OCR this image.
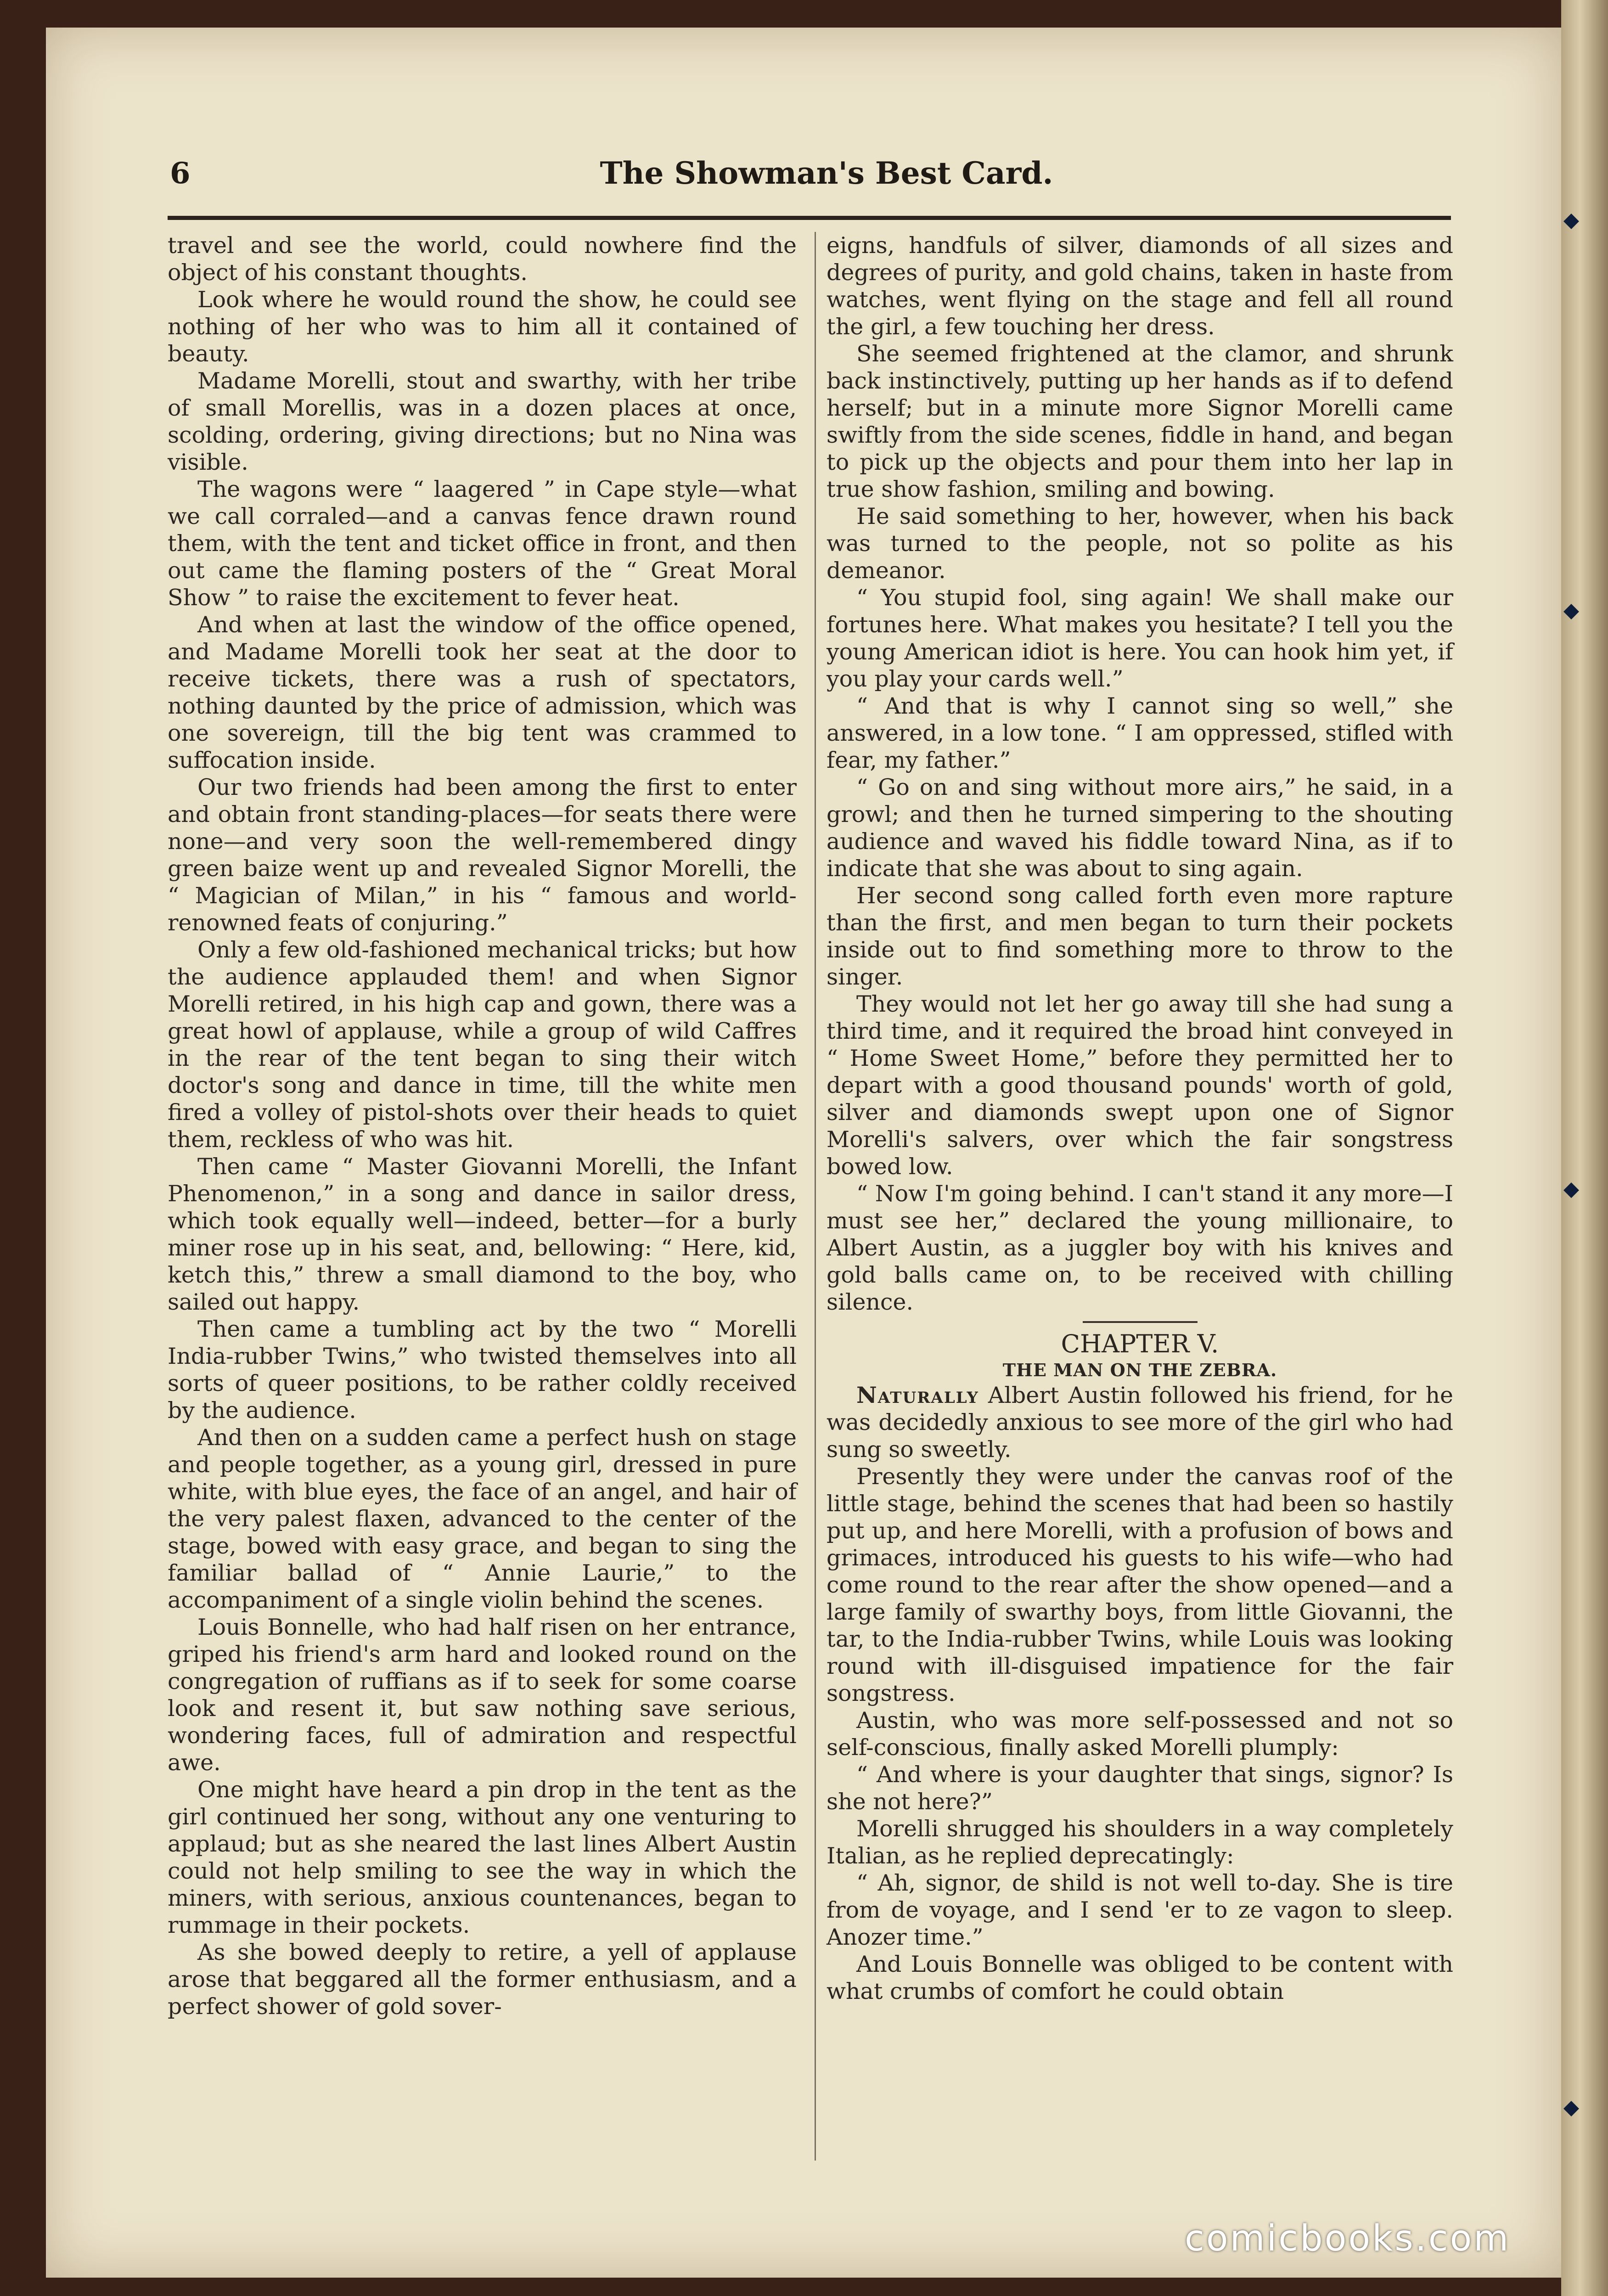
6	The Showman's Best Card.

travel and see the world, could nowhere find the object of his constant thoughts.

Look where he would round the show, he could see nothing of her who was to him all it contained of beauty.

Madame Morelli, stout and swarthy, with her tribe of small Morellis, was in a dozen places at once, scolding, ordering, giving directions; but no Nina was visible.

The wagons were “ laagered ” in Cape style—what we call corraled—and a canvas fence drawn round them, with the tent and ticket office in front, and then out came the flaming posters of the “ Great Moral Show ” to raise the excitement to fever heat.

And when at last the window of the office opened, and Madame Morelli took her seat at the door to receive tickets, there was a rush of spectators, nothing daunted by the price of admission, which was one sovereign, till the big tent was crammed to suffocation inside.

Our two friends had been among the first to enter and obtain front standing-places—for seats there were none—and very soon the well-remembered dingy green baize went up and revealed Signor Morelli, the “ Magician of Milan,” in his “ famous and world-renowned feats of conjuring.”

Only a few old-fashioned mechanical tricks; but how the audience applauded them! and when Signor Morelli retired, in his high cap and gown, there was a great howl of applause, while a group of wild Caffres in the rear of the tent began to sing their witch doctor's song and dance in time, till the white men fired a volley of pistol-shots over their heads to quiet them, reckless of who was hit.

Then came “ Master Giovanni Morelli, the Infant Phenomenon,” in a song and dance in sailor dress, which took equally well—indeed, better—for a burly miner rose up in his seat, and, bellowing: “ Here, kid, ketch this,” threw a small diamond to the boy, who sailed out happy.

Then came a tumbling act by the two “ Morelli India-rubber Twins,” who twisted themselves into all sorts of queer positions, to be rather coldly received by the audience.

And then on a sudden came a perfect hush on stage and people together, as a young girl, dressed in pure white, with blue eyes, the face of an angel, and hair of the very palest flaxen, advanced to the center of the stage, bowed with easy grace, and began to sing the familiar ballad of “ Annie Laurie,” to the accompaniment of a single violin behind the scenes.

Louis Bonnelle, who had half risen on her entrance, griped his friend's arm hard and looked round on the congregation of ruffians as if to seek for some coarse look and resent it, but saw nothing save serious, wondering faces, full of admiration and respectful awe.

One might have heard a pin drop in the tent as the girl continued her song, without any one venturing to applaud; but as she neared the last lines Albert Austin could not help smiling to see the way in which the miners, with serious, anxious countenances, began to rummage in their pockets.

As she bowed deeply to retire, a yell of applause arose that beggared all the former enthusiasm, and a perfect shower of gold sover-

eigns, handfuls of silver, diamonds of all sizes and degrees of purity, and gold chains, taken in haste from watches, went flying on the stage and fell all round the girl, a few touching her dress.

She seemed frightened at the clamor, and shrunk back instinctively, putting up her hands as if to defend herself; but in a minute more Signor Morelli came swiftly from the side scenes, fiddle in hand, and began to pick up the objects and pour them into her lap in true show fashion, smiling and bowing.

He said something to her, however, when his back was turned to the people, not so polite as his demeanor.

“ You stupid fool, sing again! We shall make our fortunes here. What makes you hesitate? I tell you the young American idiot is here. You can hook him yet, if you play your cards well.”

“ And that is why I cannot sing so well,” she answered, in a low tone. “ I am oppressed, stifled with fear, my father.”

“ Go on and sing without more airs,” he said, in a growl; and then he turned simpering to the shouting audience and waved his fiddle toward Nina, as if to indicate that she was about to sing again.

Her second song called forth even more rapture than the first, and men began to turn their pockets inside out to find something more to throw to the singer.

They would not let her go away till she had sung a third time, and it required the broad hint conveyed in “ Home Sweet Home,” before they permitted her to depart with a good thousand pounds' worth of gold, silver and diamonds swept upon one of Signor Morelli's salvers, over which the fair songstress bowed low.

“ Now I'm going behind. I can't stand it any more—I must see her,” declared the young millionaire, to Albert Austin, as a juggler boy with his knives and gold balls came on, to be received with chilling silence.

CHAPTER V.

THE MAN ON THE ZEBRA.

Naturally Albert Austin followed his friend, for he was decidedly anxious to see more of the girl who had sung so sweetly.

Presently they were under the canvas roof of the little stage, behind the scenes that had been so hastily put up, and here Morelli, with a profusion of bows and grimaces, introduced his guests to his wife—who had come round to the rear after the show opened—and a large family of swarthy boys, from little Giovanni, the tar, to the India-rubber Twins, while Louis was looking round with ill-disguised impatience for the fair songstress.

Austin, who was more self-possessed and not so self-conscious, finally asked Morelli plumply:

“ And where is your daughter that sings, signor? Is she not here?”

Morelli shrugged his shoulders in a way completely Italian, as he replied deprecatingly:

“ Ah, signor, de shild is not well to-day. She is tire from de voyage, and I send 'er to ze vagon to sleep. Anozer time.”

And Louis Bonnelle was obliged to be content with what crumbs of comfort he could obtain

comicbooks.com
